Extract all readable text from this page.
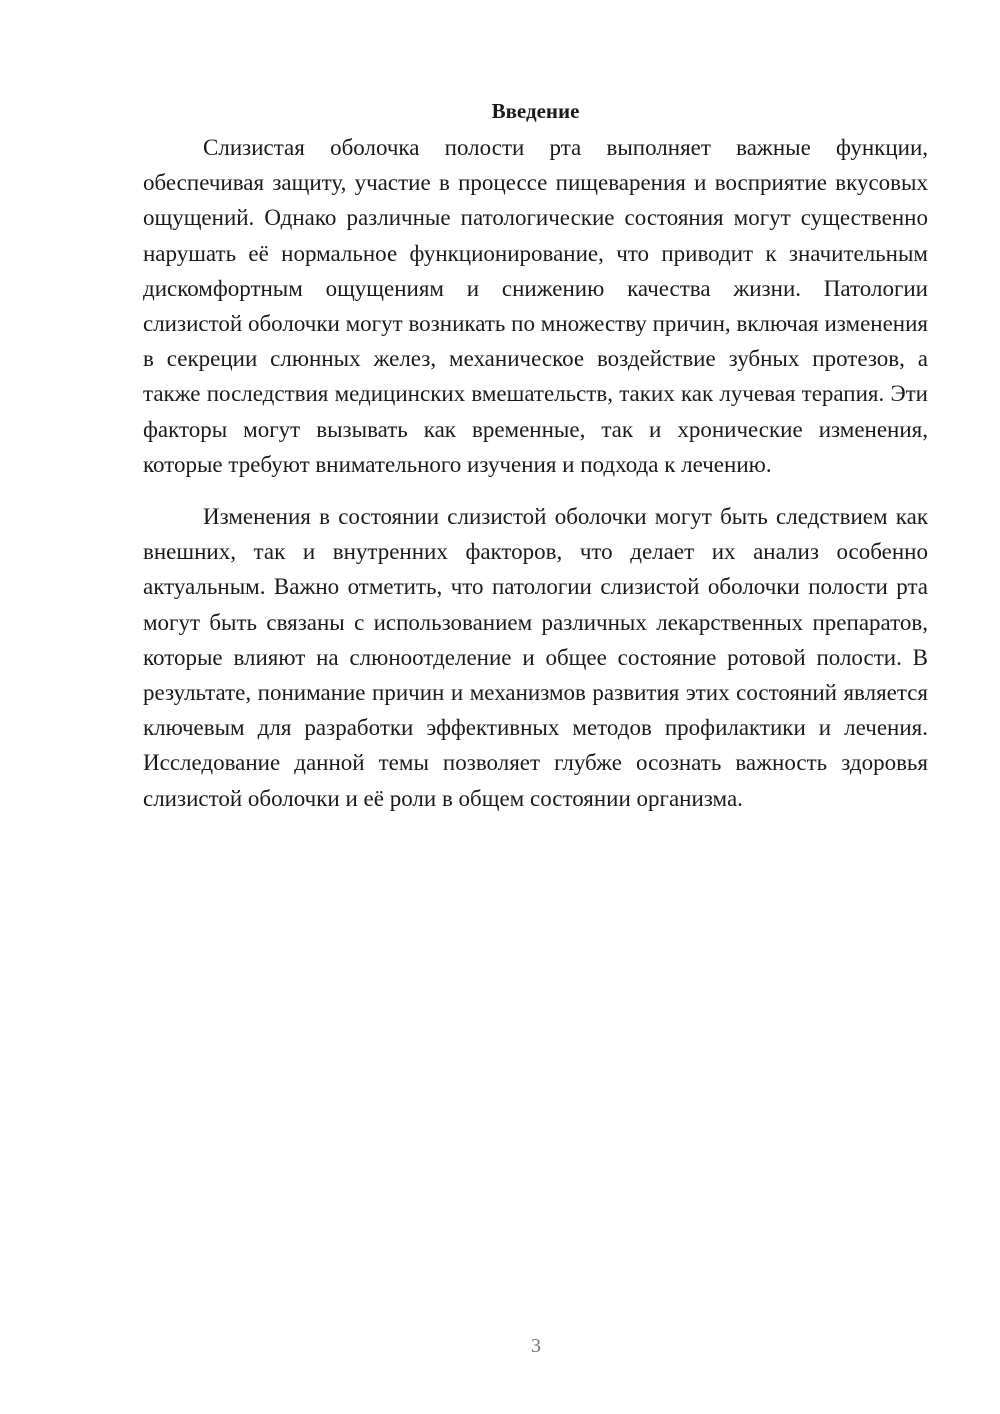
Введение

Слизистая оболочка полости рта выполняет важные функции, обеспечивая защиту, участие в процессе пищеварения и восприятие вкусовых ощущений. Однако различные патологические состояния могут существенно нарушать её нормальное функционирование, что приводит к значительным дискомфортным ощущениям и снижению качества жизни. Патологии слизистой оболочки могут возникать по множеству причин, включая изменения в секреции слюнных желез, механическое воздействие зубных протезов, а также последствия медицинских вмешательств, таких как лучевая терапия. Эти факторы могут вызывать как временные, так и хронические изменения, которые требуют внимательного изучения и подхода к лечению.

Изменения в состоянии слизистой оболочки могут быть следствием как внешних, так и внутренних факторов, что делает их анализ особенно актуальным. Важно отметить, что патологии слизистой оболочки полости рта могут быть связаны с использованием различных лекарственных препаратов, которые влияют на слюноотделение и общее состояние ротовой полости. В результате, понимание причин и механизмов развития этих состояний является ключевым для разработки эффективных методов профилактики и лечения. Исследование данной темы позволяет глубже осознать важность здоровья слизистой оболочки и её роли в общем состоянии организма.

3
